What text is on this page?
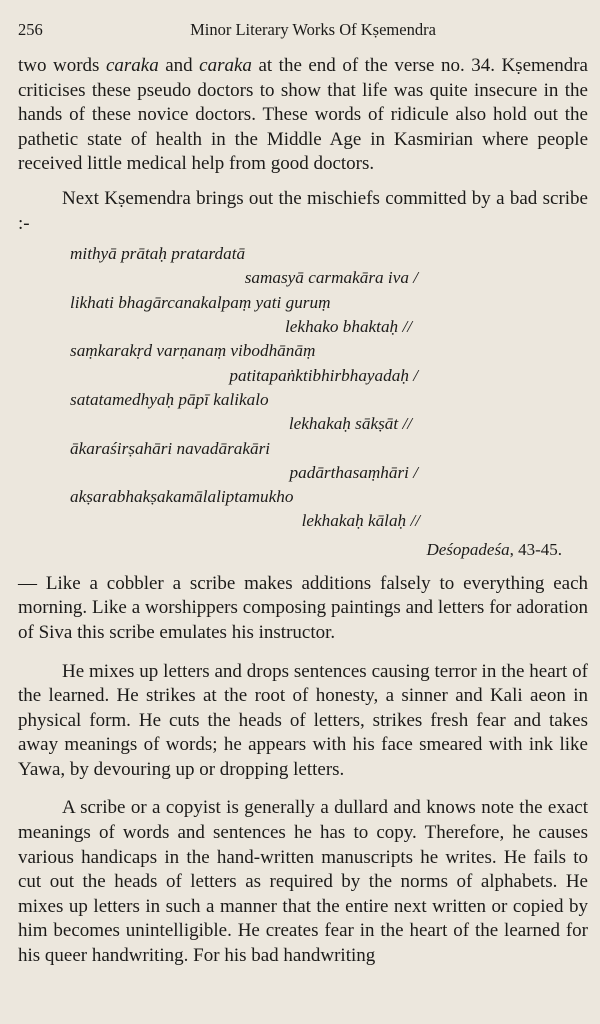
256	Minor Literary Works Of Kṣemendra

two words caraka and caraka at the end of the verse no. 34. Kṣemendra criticises these pseudo doctors to show that life was quite insecure in the hands of these novice doctors. These words of ridicule also hold out the pathetic state of health in the Middle Age in Kasmirian where people received little medical help from good doctors.

Next Kṣemendra brings out the mischiefs committed by a bad scribe :-

mithyā prātaḥ pratardatā
samasyā carmakāra iva /
likhati bhagārcanakalpaṃ yati guruṃ
lekhako bhaktaḥ //
saṃkarakṛd varṇanaṃ vibodhānāṃ
patitapaṅktibhirbhayadaḥ /
satatamedhyaḥ pāpī kalikalo
lekhakaḥ sākṣāt //
ākaraśirṣahāri navadārakāri
padārthasaṃhāri /
akṣarabhakṣakamālaliptamukho
lekhakaḥ kālaḥ //
Deśopadeśa, 43-45.

— Like a cobbler a scribe makes additions falsely to everything each morning. Like a worshippers composing paintings and letters for adoration of Siva this scribe emulates his instructor.

He mixes up letters and drops sentences causing terror in the heart of the learned. He strikes at the root of honesty, a sinner and Kali aeon in physical form. He cuts the heads of letters, strikes fresh fear and takes away meanings of words; he appears with his face smeared with ink like Yawa, by devouring up or dropping letters.

A scribe or a copyist is generally a dullard and knows note the exact meanings of words and sentences he has to copy. Therefore, he causes various handicaps in the hand-written manuscripts he writes. He fails to cut out the heads of letters as required by the norms of alphabets. He mixes up letters in such a manner that the entire next written or copied by him becomes unintelligible. He creates fear in the heart of the learned for his queer handwriting. For his bad handwriting
